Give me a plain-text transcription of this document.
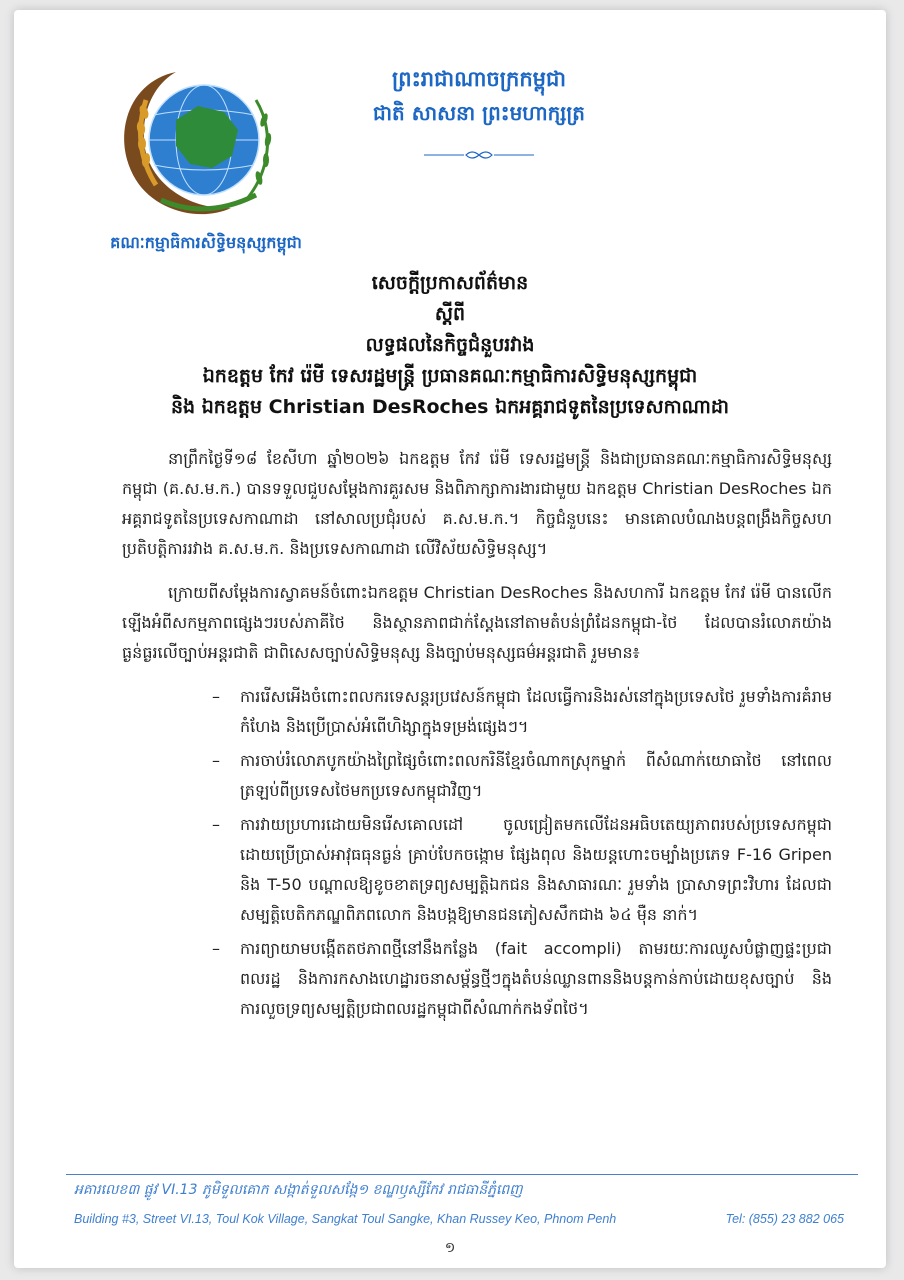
គណៈកម្មាធិការសិទ្ធិមនុស្សកម្ពុជា
ព្រះរាជាណាចក្រកម្ពុជា
ជាតិ សាសនា ព្រះមហាក្សត្រ
សេចក្តីប្រកាសព័ត៌មាន
ស្តីពី
លទ្ធផលនៃកិច្ចជំនួបរវាង
ឯកឧត្តម កែវ រ៉េមី ទេសរដ្ឋមន្ត្រី ប្រធានគណៈកម្មាធិការសិទ្ធិមនុស្សកម្ពុជា
និង ឯកឧត្តម Christian DesRoches ឯកអគ្គរាជទូតនៃប្រទេសកាណាដា

នាព្រឹកថ្ងៃទី១៨ ខែសីហា ឆ្នាំ២០២៦ ឯកឧត្តម កែវ រ៉េមី ទេសរដ្ឋមន្ត្រី និងជាប្រធានគណៈកម្មាធិការសិទ្ធិមនុស្សកម្ពុជា (គ.ស.ម.ក.) បានទទួលជួបសម្តែងការគួរសម និងពិភាក្សាការងារជាមួយ ឯកឧត្តម Christian DesRoches ឯកអគ្គរាជទូតនៃប្រទេសកាណាដា នៅសាលប្រជុំរបស់ គ.ស.ម.ក.។ កិច្ចជំនួបនេះ មានគោលបំណងបន្តពង្រឹងកិច្ចសហប្រតិបត្តិការរវាង គ.ស.ម.ក. និងប្រទេសកាណាដា លើវិស័យសិទ្ធិមនុស្ស។

ក្រោយពីសម្តែងការស្វាគមន៍ចំពោះឯកឧត្តម Christian DesRoches និងសហការី ឯកឧត្តម កែវ រ៉េមី បានលើកឡើងអំពីសកម្មភាពផ្សេងៗរបស់ភាគីថៃ និងស្ថានភាពជាក់ស្តែងនៅតាមតំបន់ព្រំដែនកម្ពុជា-ថៃ ដែលបានរំលោភយ៉ាងធ្ងន់ធ្ងរលើច្បាប់អន្តរជាតិ ជាពិសេសច្បាប់សិទ្ធិមនុស្ស និងច្បាប់មនុស្សធម៌អន្តរជាតិ រួមមាន៖

– ការរើសអើងចំពោះពលករទេសន្តរប្រវេសន៍កម្ពុជា ដែលធ្វើការនិងរស់នៅក្នុងប្រទេសថៃ រួមទាំងការគំរាមកំហែង និងប្រើប្រាស់អំពើហិង្សាក្នុងទម្រង់ផ្សេងៗ។
– ការចាប់រំលោភបូកយ៉ាងព្រៃផ្សៃចំពោះពលករិនីខ្មែរចំណាកស្រុកម្នាក់ ពីសំណាក់យោធាថៃ នៅពេលត្រឡប់ពីប្រទេសថៃមកប្រទេសកម្ពុជាវិញ។
– ការវាយប្រហារដោយមិនរើសគោលដៅ ចូលជ្រៀតមកលើដែនអធិបតេយ្យភាពរបស់ប្រទេសកម្ពុជា ដោយប្រើប្រាស់អាវុធធុនធ្ងន់ គ្រាប់បែកចង្កោម ផ្សែងពុល និងយន្តហោះចម្បាំងប្រភេទ F-16 Gripen និង T-50 បណ្តាលឱ្យខូចខាតទ្រព្យសម្បត្តិឯកជន និងសាធារណៈ រួមទាំង ប្រាសាទព្រះវិហារ ដែលជាសម្បត្តិបេតិកភណ្ឌពិភពលោក និងបង្កឱ្យមានជនភៀសសឹកជាង ៦៤ ម៉ឺន នាក់។
– ការព្យាយាមបង្កើតតថភាពថ្មីនៅនឹងកន្លែង (fait accompli) តាមរយៈការឈូសបំផ្លាញផ្ទះប្រជាពលរដ្ឋ និងការកសាងហេដ្ឋារចនាសម្ព័ន្ធថ្មីៗក្នុងតំបន់ឈ្លានពាននិងបន្តកាន់កាប់ដោយខុសច្បាប់ និងការលួចទ្រព្យសម្បត្តិប្រជាពលរដ្ឋកម្ពុជាពីសំណាក់កងទ័ពថៃ។
អគារលេខ៣ ផ្លូវ VI.13 ភូមិទួលគោក សង្កាត់ទួលសង្កែ១ ខណ្ឌឫស្សីកែវ រាជធានីភ្នំពេញ
Building #3, Street VI.13, Toul Kok Village, Sangkat Toul Sangke, Khan Russey Keo, Phnom Penh	Tel: (855) 23 882 065
១
